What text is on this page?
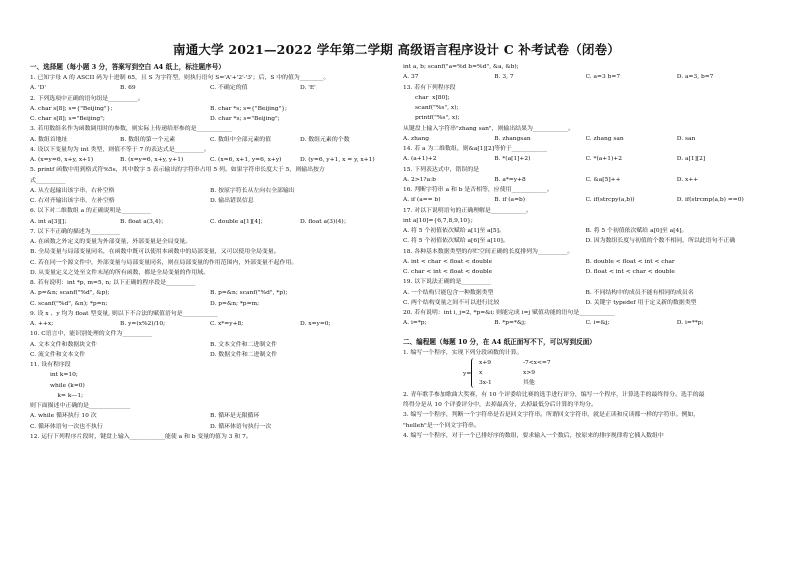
南通大学 2021—2022 学年第二学期 高级语言程序设计 C 补考试卷（闭卷）
一、选择题（每小题 3 分，答案写到空白 A4 纸上，标注题序号）
1. 已知字母 A 的 ASCII 码为十进制 65，且 S 为字符型，则执行语句 S='A'+'2'-'3'；后，S 中的值为________。
A. 'D'	B. 69	C. 不确定的值	D. 'E'
2. 下列选项中正确的语句组是__________。
A. char s[8]; s={"Beijing"};	B. char *s; s={"Beijing"};
C. char s[8]; s="Beijing";	D. char *s; s="Beijing";
3. 若用数组名作为函数调用时的参数，则实际上传递给形参的是____________
A. 数组首地址	B. 数组的第一个元素	C. 数组中全部元素的值	D. 数组元素的个数
4. 设以下变量均为 int 类型，则值不等于 7 的表达式是__________。
A. (x=y=6, x+y, x+1)	B. (x=y=6, x+y, y+1)	C. (x=6, x+1, y=6, x+y)	D. (y=6, y+1, x = y, x+1)
5. printf 函数中用到格式符%5s，其中数字 5 表示输出的字符串占用 5 列。如果字符串长度大于 5，则输出按方
式__________
A. 从左起输出该字串，右补空格	B. 按原字符长从左向右全部输出
C. 右对齐输出该字串，左补空格	D. 输出错误信息
6. 以下对二维数组 a 的正确说明是__________
A. int a[3][]；	B. float a(3,4)；	C. double a[1][4]；	D. float a(3)(4)；
7. 以下不正确的描述为__________
A. 在函数之外定义的变量为外部变量，外部变量是全局变量。
B. 全局变量与局部变量同名，在函数中既可以使用本函数中的局部变量，又可以使用全局变量。
C. 若在同一个源文件中，外部变量与局部变量同名，则在局部变量的作用范围内，外部变量不起作用。
D. 从变量定义之处至文件末尾的所有函数，都是全局变量的作用域。
8. 若有说明：int *p, m=5, n; 以下正确的程序段是__________
A. p=&n; scanf("%d", &p);	B. p=&n; scanf("%d", *p);
C. scanf("%d", &n); *p=n;	D. p=&n; *p=m;
9. 设 x 、y 均为 float 型变量, 则以下不合法的赋值语句是____________
A. ++x;	B. y=(x%2)/10;	C. x*=y+8;	D. x=y=0;
10. C语言中，能识别处理的文件为__________
A. 文本文件和数据块文件	B. 文本文件和二进制文件
C. 流文件和文本文件	D. 数据文件和二进制文件
11. 设有程序段
int k=10;
while (k=0)
k= k—1;
则下面描述中正确的是______________
A. while 循环执行 10 次	B. 循环是无限循环
C. 循环体语句一次也不执行	D. 循环体语句执行一次
12. 运行下列程序片段时，键盘上输入____________能使 a 和 b 变量的值为 3 和 7。
int a, b; scanf("a=%d b=%d", &a, &b);
A. 37	B. 3, 7	C. a=3 b=7	D. a=3, b=7
13. 若有下列程序段
char  x[80];
scanf("%s", x);
printf("%s", x);
从键盘上输入字符串"zhang san"，则输出结果为____________。
A. zhang	B. zhangsan	C. zhang san	D. san
14. 若 a 为二维数组，则&a[1][2]等价于____________
A. (a+1)+2	B. *(a[1]+2)	C. *(a+1)+2	D. a[1][2]
15. 下列表达式中，错误的是
A. 2>1?a:b	B. a*=y+8	C. &a[5]++	D. x++
16. 判断字符串 a 和 b 是否相等，应使用____________。
A. if (a== b)	B. if (a=b)	C. if(strcpy(a,b))	D. if(strcmp(a,b) ==0)
17. 对以下说明语句的正确理解是____________。
int a[10]={6,7,8,9,10};
A. 将 5 个初值依次赋给 a[1]至 a[5]。	B. 将 5 个初值依次赋给 a[0]至 a[4]。
C. 将 5 个初值依次赋给 a[6]至 a[10]。	D. 因为数组长度与初值的个数不相同，所以此语句不正确
18. 各种基本数据类型的存贮空间正确的长度排列为__________。
A. int < char < float < double	B. double < float < int < char
C. char < int < float < double	D. float < int < char < double
19. 以下说法正确的是__________
A. 一个结构只能包含一种数据类型	B. 不同结构中的成员不能有相同的成员名
C. 两个结构变量之间不可以进行比较	D. 关键字 typedef 用于定义新的数据类型
20. 若有说明：int i, j=2, *p=&i; 则能完成 i=j 赋值功能的语句是____________
A. i=*p;	B. *p=*&j;	C. i=&j;	D. i=**p;
二、编程题（每题 10 分，在 A4 纸正面写不下，可以写到反面）
1. 编写一个程序，实现下列分段函数的计算。
y=
x+9	-7<x<=7
x	x>9
3x-1	其他
2. 青年歌手参加歌曲大奖赛，有 10 个评委给比赛的选手进行评分，编写一个程序，计算选手的最终得分。选手的最
终得分是从 10 个评委评分中，去掉最高分，去掉最低分后计算的平均分。
3. 编写一个程序，判断一个字符串是否是回文字符串。所谓回文字符串，就是正读和反读都一样的字符串。例如，
"helleh"是一个回文字符串。
4. 编写一个程序，对于一个已排好序的数组，要求输入一个数后，按原来的排序规律将它插入数组中
